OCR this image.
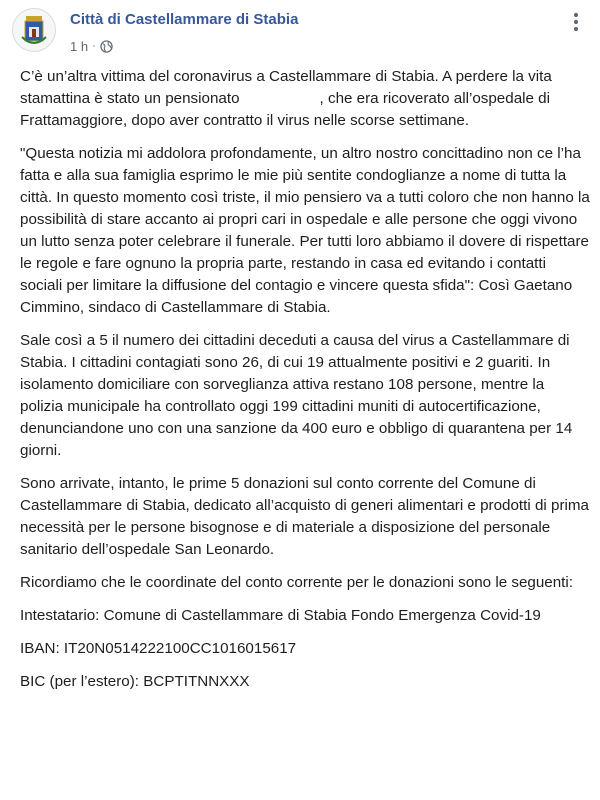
Città di Castellammare di Stabia
1 h ·

C’è un’altra vittima del coronavirus a Castellammare di Stabia. A perdere la vita stamattina è stato un pensionato	, che era ricoverato all’ospedale di Frattamaggiore, dopo aver contratto il virus nelle scorse settimane.

"Questa notizia mi addolora profondamente, un altro nostro concittadino non ce l’ha fatta e alla sua famiglia esprimo le mie più sentite condoglianze a nome di tutta la città. In questo momento così triste, il mio pensiero va a tutti coloro che non hanno la possibilità di stare accanto ai propri cari in ospedale e alle persone che oggi vivono un lutto senza poter celebrare il funerale. Per tutti loro abbiamo il dovere di rispettare le regole e fare ognuno la propria parte, restando in casa ed evitando i contatti sociali per limitare la diffusione del contagio e vincere questa sfida": Così Gaetano Cimmino, sindaco di Castellammare di Stabia.

Sale così a 5 il numero dei cittadini deceduti a causa del virus a Castellammare di Stabia. I cittadini contagiati sono 26, di cui 19 attualmente positivi e 2 guariti. In isolamento domiciliare con sorveglianza attiva restano 108 persone, mentre la polizia municipale ha controllato oggi 199 cittadini muniti di autocertificazione, denunciandone uno con una sanzione da 400 euro e obbligo di quarantena per 14 giorni.

Sono arrivate, intanto, le prime 5 donazioni sul conto corrente del Comune di Castellammare di Stabia, dedicato all’acquisto di generi alimentari e prodotti di prima necessità per le persone bisognose e di materiale a disposizione del personale sanitario dell’ospedale San Leonardo.

Ricordiamo che le coordinate del conto corrente per le donazioni sono le seguenti:

Intestatario: Comune di Castellammare di Stabia Fondo Emergenza Covid-19

IBAN: IT20N0514222100CC1016015617

BIC (per l’estero): BCPTITNNXXX
